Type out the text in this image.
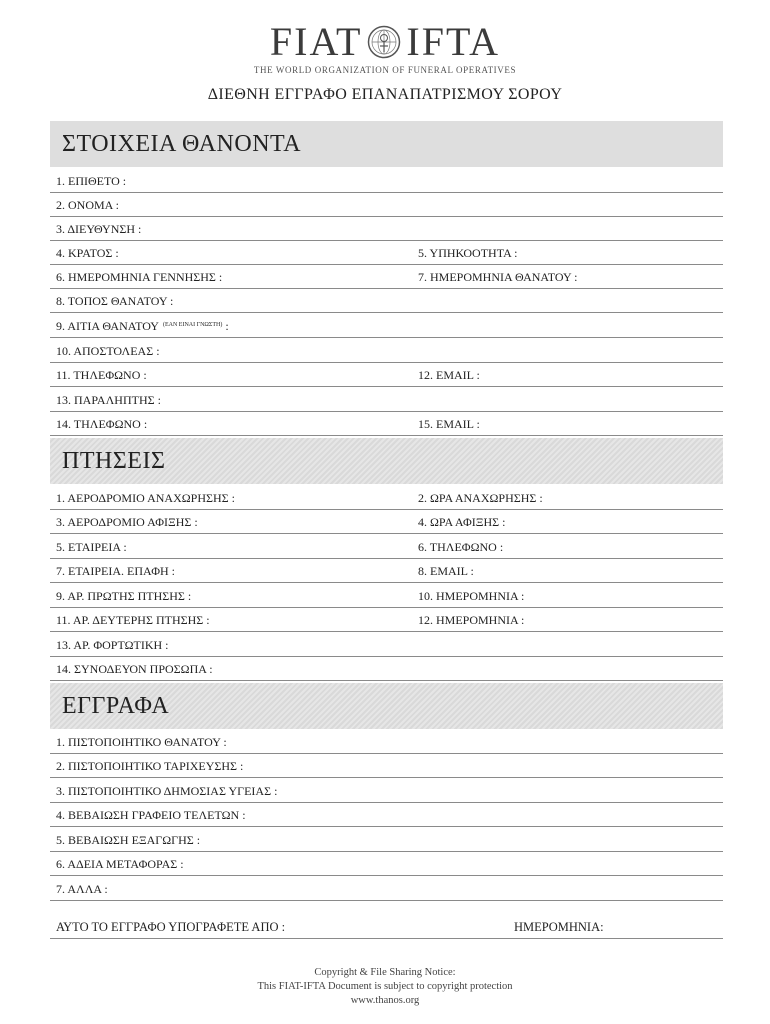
FIAT IFTA
THE WORLD ORGANIZATION OF FUNERAL OPERATIVES
ΔΙΕΘΝΗ ΕΓΓΡΑΦΟ ΕΠΑΝΑΠΑΤΡΙΣΜΟΥ ΣΟΡΟΥ
ΣΤΟΙΧΕΙΑ ΘΑΝΟΝΤΑ
1. ΕΠΙΘΕΤΟ :
2. ΟΝΟΜΑ :
3. ΔΙΕΥΘΥΝΣΗ :
4. ΚΡΑΤΟΣ :	5. ΥΠΗΚΟΟΤΗΤΑ :
6. ΗΜΕΡΟΜΗΝΙΑ ΓΕΝΝΗΣΗΣ :	7. ΗΜΕΡΟΜΗΝΙΑ ΘΑΝΑΤΟΥ :
8. ΤΟΠΟΣ ΘΑΝΑΤΟΥ :
9. ΑΙΤΙΑ ΘΑΝΑΤΟΥ $^{(EAN EINAI \Gamma N\Omega\Sigma TH)}$ :
10. ΑΠΟΣΤΟΛΕΑΣ :
11. ΤΗΛΕΦΩΝΟ :	12. EMAIL :
13. ΠΑΡΑΛΗΠΤΗΣ :
14. ΤΗΛΕΦΩΝΟ :	15. EMAIL :
ΠΤΗΣΕΙΣ
1. ΑΕΡΟΔΡΟΜΙΟ ΑΝΑΧΩΡΗΣΗΣ :	2. ΩΡΑ ΑΝΑΧΩΡΗΣΗΣ :
3. ΑΕΡΟΔΡΟΜΙΟ ΑΦΙΞΗΣ :	4. ΩΡΑ ΑΦΙΞΗΣ :
5. ΕΤΑΙΡΕΙΑ :	6. ΤΗΛΕΦΩΝΟ :
7. ΕΤΑΙΡΕΙΑ. ΕΠΑΦΗ :	8. EMAIL :
9. ΑΡ. ΠΡΩΤΗΣ ΠΤΗΣΗΣ :	10. ΗΜΕΡΟΜΗΝΙΑ :
11. ΑΡ. ΔΕΥΤΕΡΗΣ ΠΤΗΣΗΣ :	12. ΗΜΕΡΟΜΗΝΙΑ :
13. ΑΡ. ΦΟΡΤΩΤΙΚΗ :
14. ΣΥΝΟΔΕΥΟΝ ΠΡΟΣΩΠΑ :
ΕΓΓΡΑΦΑ
1. ΠΙΣΤΟΠΟΙΗΤΙΚΟ ΘΑΝΑΤΟΥ :
2. ΠΙΣΤΟΠΟΙΗΤΙΚΟ ΤΑΡΙΧΕΥΣΗΣ :
3. ΠΙΣΤΟΠΟΙΗΤΙΚΟ ΔΗΜΟΣΙΑΣ ΥΓΕΙΑΣ :
4. ΒΕΒΑΙΩΣΗ ΓΡΑΦΕΙΟ ΤΕΛΕΤΩΝ :
5. ΒΕΒΑΙΩΣΗ ΕΞΑΓΩΓΗΣ :
6. ΑΔΕΙΑ ΜΕΤΑΦΟΡΑΣ :
7. ΑΛΛΑ :
ΑΥΤΟ ΤΟ ΕΓΓΡΑΦΟ ΥΠΟΓΡΑΦΕΤΕ ΑΠΟ :	ΗΜΕΡΟΜΗΝΙΑ:
Copyright & File Sharing Notice:
This FIAT-IFTA Document is subject to copyright protection
www.thanos.org
